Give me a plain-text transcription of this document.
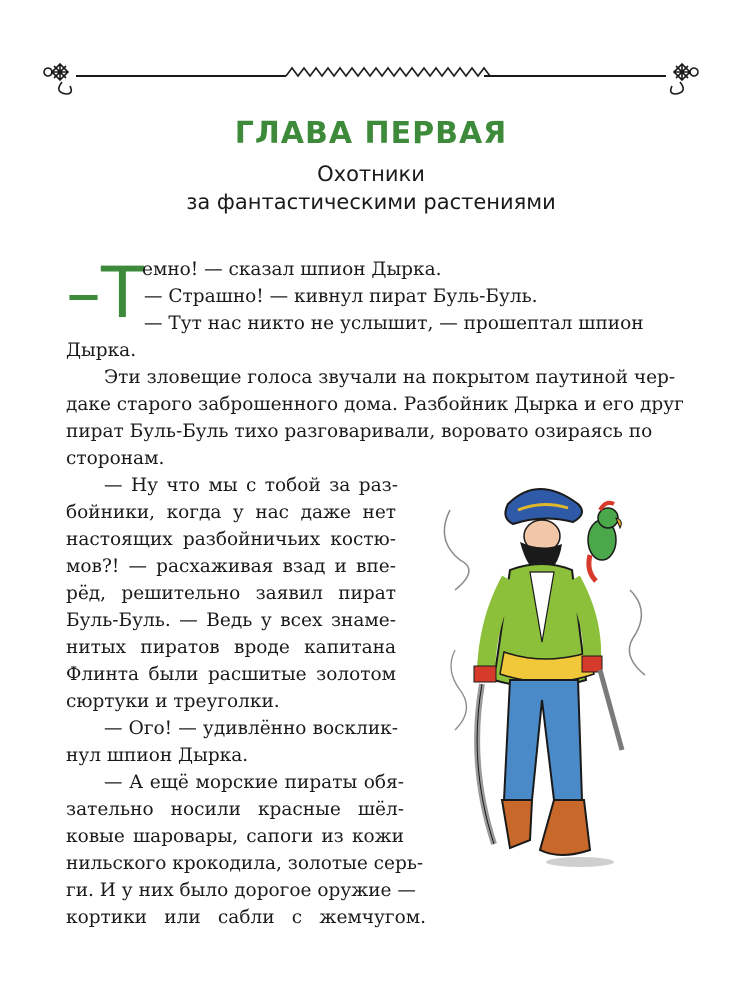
ГЛАВА ПЕРВАЯ
Охотники
за фантастическими растениями
–Т
емно! — сказал шпион Дырка.
— Страшно! — кивнул пират Буль-Буль.
— Тут нас никто не услышит, — прошептал шпион
Дырка.
Эти зловещие голоса звучали на покрытом паутиной чер-
даке старого заброшенного дома. Разбойник Дырка и его друг
пират Буль-Буль тихо разговаривали, воровато озираясь по
сторонам.
— Ну что мы с тобой за раз-
бойники, когда у нас даже нет
настоящих разбойничьих костю-
мов?! — расхаживая взад и впе-
рёд, решительно заявил пират
Буль-Буль. — Ведь у всех знаме-
нитых пиратов вроде капитана
Флинта были расшитые золотом
сюртуки и треуголки.
— Ого! — удивлённо восклик-
нул шпион Дырка.
— А ещё морские пираты обя-
зательно носили красные шёл-
ковые шаровары, сапоги из кожи
нильского крокодила, золотые серь-
ги. И у них было дорогое оружие —
кортики или сабли с жемчугом.
